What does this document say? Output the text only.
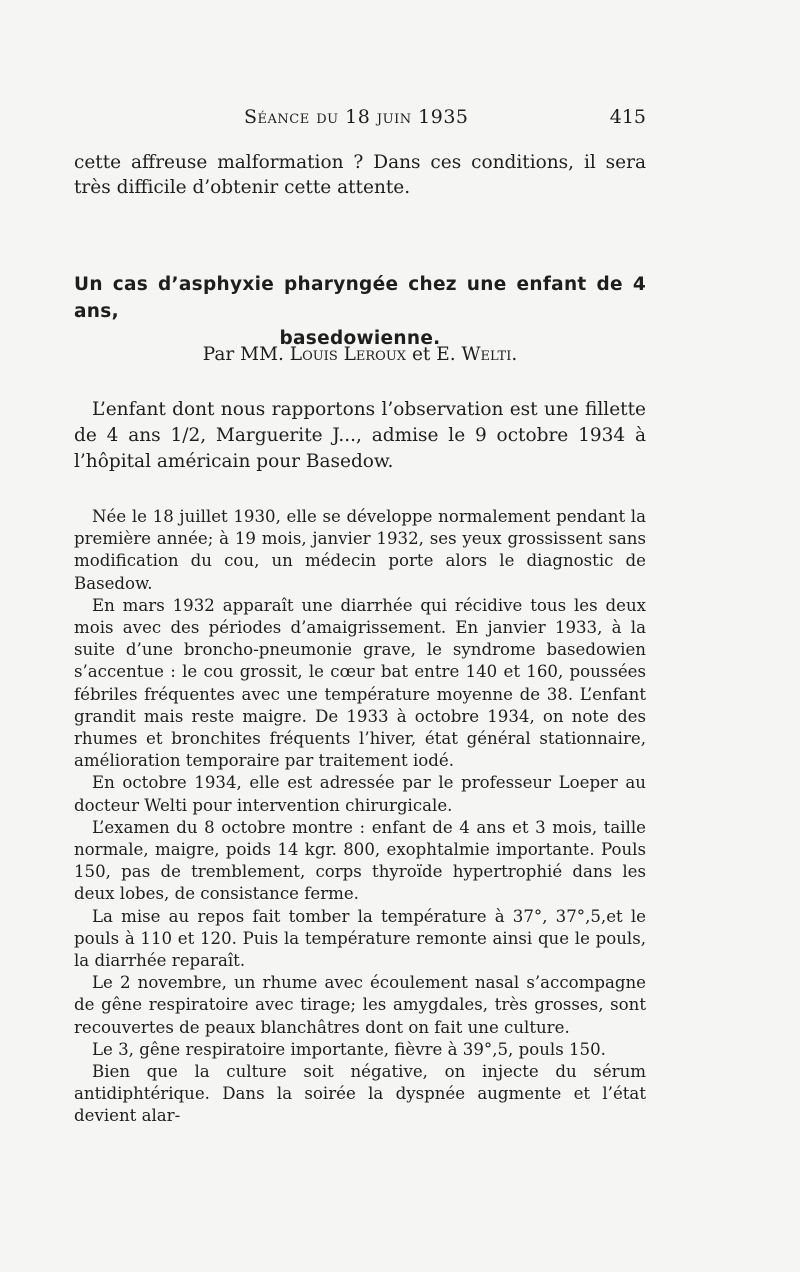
Séance du 18 juin 1935	415

cette affreuse malformation ? Dans ces conditions, il sera très difficile d’obtenir cette attente.

Un cas d’asphyxie pharyngée chez une enfant de 4 ans,
basedowienne.
Par MM. Louis Leroux et E. Welti.

L’enfant dont nous rapportons l’observation est une fillette de 4 ans 1/2, Marguerite J..., admise le 9 octobre 1934 à l’hôpital américain pour Basedow.

Née le 18 juillet 1930, elle se développe normalement pendant la première année; à 19 mois, janvier 1932, ses yeux grossissent sans modification du cou, un médecin porte alors le diagnostic de Basedow.

En mars 1932 apparaît une diarrhée qui récidive tous les deux mois avec des périodes d’amaigrissement. En janvier 1933, à la suite d’une broncho-pneumonie grave, le syndrome basedowien s’accentue : le cou grossit, le cœur bat entre 140 et 160, poussées fébriles fréquentes avec une température moyenne de 38. L’enfant grandit mais reste maigre. De 1933 à octobre 1934, on note des rhumes et bronchites fréquents l’hiver, état général stationnaire, amélioration temporaire par traitement iodé.

En octobre 1934, elle est adressée par le professeur Loeper au docteur Welti pour intervention chirurgicale.

L’examen du 8 octobre montre : enfant de 4 ans et 3 mois, taille normale, maigre, poids 14 kgr. 800, exophtalmie importante. Pouls 150, pas de tremblement, corps thyroïde hypertrophié dans les deux lobes, de consistance ferme.

La mise au repos fait tomber la température à 37°, 37°,5,et le pouls à 110 et 120. Puis la température remonte ainsi que le pouls, la diarrhée reparaît.

Le 2 novembre, un rhume avec écoulement nasal s’accompagne de gêne respiratoire avec tirage; les amygdales, très grosses, sont recouvertes de peaux blanchâtres dont on fait une culture.

Le 3, gêne respiratoire importante, fièvre à 39°,5, pouls 150.

Bien que la culture soit négative, on injecte du sérum antidiphtérique. Dans la soirée la dyspnée augmente et l’état devient alar-
